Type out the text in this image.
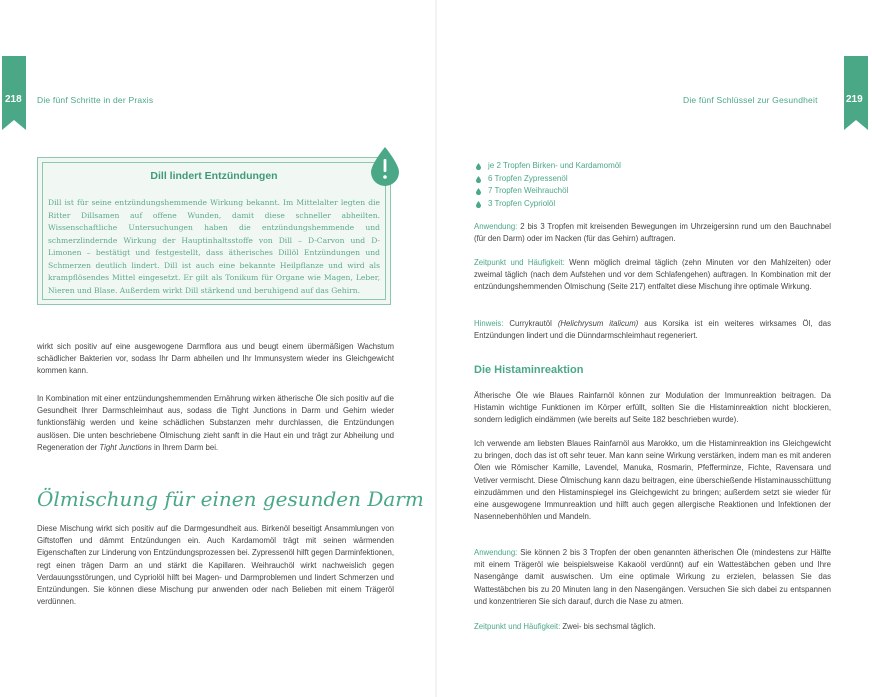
218 Die fünf Schritte in der Praxis
Dill lindert Entzündungen
Dill ist für seine entzündungshemmende Wirkung bekannt. Im Mittelalter legten die Ritter Dillsamen auf offene Wunden, damit diese schneller abheilten. Wissenschaftliche Untersuchungen haben die entzündungshemmende und schmerzlindernde Wirkung der Hauptinhaltsstoffe von Dill – D-Carvon und D-Limonen – bestätigt und festgestellt, dass ätherisches Dillöl Entzündungen und Schmerzen deutlich lindert. Dill ist auch eine bekannte Heilpflanze und wird als krampflösendes Mittel eingesetzt. Er gilt als Tonikum für Organe wie Magen, Leber, Nieren und Blase. Außerdem wirkt Dill stärkend und beruhigend auf das Gehirn.
wirkt sich positiv auf eine ausgewogene Darmflora aus und beugt einem übermäßigen Wachstum schädlicher Bakterien vor, sodass Ihr Darm abheilen und Ihr Immunsystem wieder ins Gleichgewicht kommen kann.
In Kombination mit einer entzündungshemmenden Ernährung wirken ätherische Öle sich positiv auf die Gesundheit Ihrer Darmschleimhaut aus, sodass die Tight Junctions in Darm und Gehirn wieder funktionsfähig werden und keine schädlichen Substanzen mehr durchlassen, die Entzündungen auslösen. Die unten beschriebene Ölmischung zieht sanft in die Haut ein und trägt zur Abheilung und Regeneration der Tight Junctions in Ihrem Darm bei.
Ölmischung für einen gesunden Darm
Diese Mischung wirkt sich positiv auf die Darmgesundheit aus. Birkenöl beseitigt Ansammlungen von Giftstoffen und dämmt Entzündungen ein. Auch Kardamomöl trägt mit seinen wärmenden Eigenschaften zur Linderung von Entzündungsprozessen bei. Zypressenöl hilft gegen Darminfektionen, regt einen trägen Darm an und stärkt die Kapillaren. Weihrauchöl wirkt nachweislich gegen Verdauungsstörungen, und Cypriolöl hilft bei Magen- und Darmproblemen und lindert Schmerzen und Entzündungen. Sie können diese Mischung pur anwenden oder nach Belieben mit einem Trägeröl verdünnen.
219
Die fünf Schlüssel zur Gesundheit
je 2 Tropfen Birken- und Kardamomöl
6 Tropfen Zypressenöl
7 Tropfen Weihrauchöl
3 Tropfen Cypriolöl
Anwendung: 2 bis 3 Tropfen mit kreisenden Bewegungen im Uhrzeigersinn rund um den Bauchnabel (für den Darm) oder im Nacken (für das Gehirn) auftragen.
Zeitpunkt und Häufigkeit: Wenn möglich dreimal täglich (zehn Minuten vor den Mahlzeiten) oder zweimal täglich (nach dem Aufstehen und vor dem Schlafengehen) auftragen. In Kombination mit der entzündungshemmenden Ölmischung (Seite 217) entfaltet diese Mischung ihre optimale Wirkung.
Hinweis: Currykrautöl (Helichrysum italicum) aus Korsika ist ein weiteres wirksames Öl, das Entzündungen lindert und die Dünndarmschleimhaut regeneriert.
Die Histaminreaktion
Ätherische Öle wie Blaues Rainfarnöl können zur Modulation der Immunreaktion beitragen. Da Histamin wichtige Funktionen im Körper erfüllt, sollten Sie die Histaminreaktion nicht blockieren, sondern lediglich eindämmen (wie bereits auf Seite 182 beschrieben wurde).
Ich verwende am liebsten Blaues Rainfarnöl aus Marokko, um die Histaminreaktion ins Gleichgewicht zu bringen, doch das ist oft sehr teuer. Man kann seine Wirkung verstärken, indem man es mit anderen Ölen wie Römischer Kamille, Lavendel, Manuka, Rosmarin, Pfefferminze, Fichte, Ravensara und Vetiver vermischt. Diese Ölmischung kann dazu beitragen, eine überschießende Histaminausschüttung einzudämmen und den Histaminspiegel ins Gleichgewicht zu bringen; außerdem setzt sie wieder für eine ausgewogene Immunreaktion und hilft auch gegen allergische Reaktionen und Infektionen der Nasennebenhöhlen und Mandeln.
Anwendung: Sie können 2 bis 3 Tropfen der oben genannten ätherischen Öle (mindestens zur Hälfte mit einem Trägeröl wie beispielsweise Kakaoöl verdünnt) auf ein Wattestäbchen geben und Ihre Nasengänge damit auswischen. Um eine optimale Wirkung zu erzielen, belassen Sie das Wattestäbchen bis zu 20 Minuten lang in den Nasengängen. Versuchen Sie sich dabei zu entspannen und konzentrieren Sie sich darauf, durch die Nase zu atmen.
Zeitpunkt und Häufigkeit: Zwei- bis sechsmal täglich.
